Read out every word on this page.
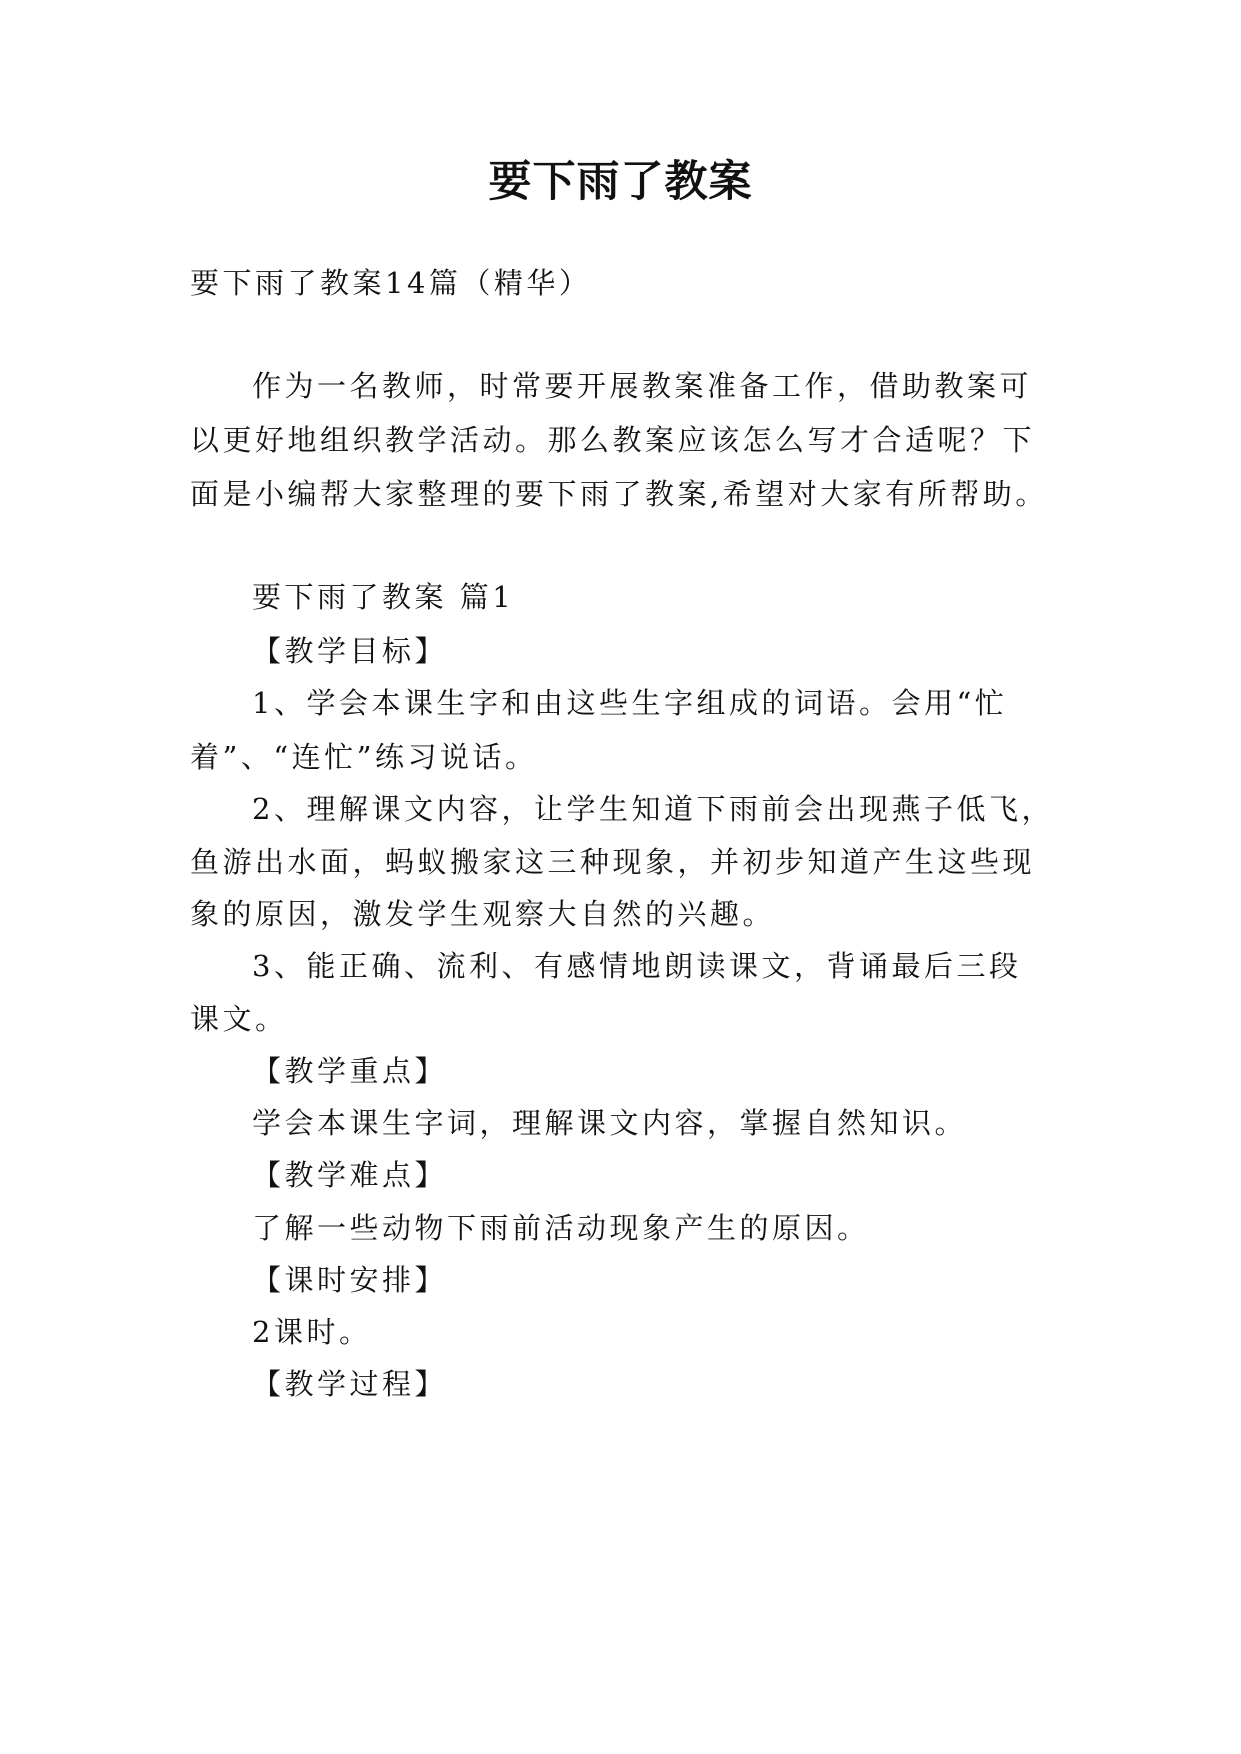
要下雨了教案
要下雨了教案14篇（精华）
作为一名教师，时常要开展教案准备工作，借助教案可
以更好地组织教学活动。那么教案应该怎么写才合适呢？下
面是小编帮大家整理的要下雨了教案,希望对大家有所帮助。
要下雨了教案 篇1
【教学目标】
1、学会本课生字和由这些生字组成的词语。会用“忙
着”、“连忙”练习说话。
2、理解课文内容，让学生知道下雨前会出现燕子低飞，
鱼游出水面，蚂蚁搬家这三种现象，并初步知道产生这些现
象的原因，激发学生观察大自然的兴趣。
3、能正确、流利、有感情地朗读课文，背诵最后三段
课文。
【教学重点】
学会本课生字词，理解课文内容，掌握自然知识。
【教学难点】
了解一些动物下雨前活动现象产生的原因。
【课时安排】
2课时。
【教学过程】
